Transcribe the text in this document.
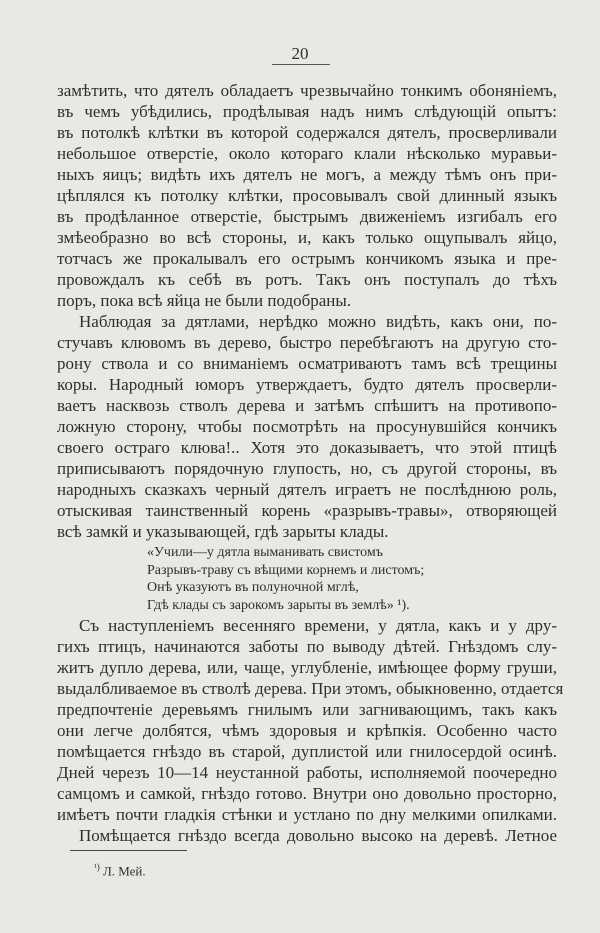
20
замѣтить, что дятелъ обладаетъ чрезвычайно тонкимъ обоняніемъ,
въ чемъ убѣдились, продѣлывая надъ нимъ слѣдующій опытъ:
въ потолкѣ клѣтки въ которой содержался дятелъ, просверливали
небольшое отверстіе, около котораго клали нѣсколько муравьи-
ныхъ яицъ; видѣть ихъ дятелъ не могъ, а между тѣмъ онъ при-
цѣплялся къ потолку клѣтки, просовывалъ свой длинный языкъ
въ продѣланное отверстіе, быстрымъ движеніемъ изгибалъ его
змѣеобразно во всѣ стороны, и, какъ только ощупывалъ яйцо,
тотчасъ же прокалывалъ его острымъ кончикомъ языка и пре-
провождалъ къ себѣ въ ротъ. Такъ онъ поступалъ до тѣхъ
поръ, пока всѣ яйца не были подобраны.
Наблюдая за дятлами, нерѣдко можно видѣть, какъ они, по-
стучавъ клювомъ въ дерево, быстро перебѣгаютъ на другую сто-
рону ствола и со вниманіемъ осматриваютъ тамъ всѣ трещины
коры. Народный юморъ утверждаетъ, будто дятелъ просверли-
ваетъ насквозь стволъ дерева и затѣмъ спѣшитъ на противопо-
ложную сторону, чтобы посмотрѣть на просунувшійся кончикъ
своего остраго клюва!.. Хотя это доказываетъ, что этой птицѣ
приписываютъ порядочную глупость, но, съ другой стороны, въ
народныхъ сказкахъ черный дятелъ играетъ не послѣднюю роль,
отыскивая таинственный корень «разрывъ-травы», отворяющей
всѣ замкй и указывающей, гдѣ зарыты клады.
«Учили—у дятла выманивать свистомъ
Разрывъ-траву съ вѣщими корнемъ и листомъ;
Онѣ указуютъ въ полуночной мглѣ,
Гдѣ клады съ зарокомъ зарыты въ землѣ» ¹).
Съ наступленіемъ весенняго времени, у дятла, какъ и у дру-
гихъ птицъ, начинаются заботы по выводу дѣтей. Гнѣздомъ слу-
житъ дупло дерева, или, чаще, углубленіе, имѣющее форму груши,
выдалбливаемое въ стволѣ дерева. При этомъ, обыкновенно, отдается
предпочтеніе деревьямъ гнилымъ или загнивающимъ, такъ какъ
они легче долбятся, чѣмъ здоровыя и крѣпкія. Особенно часто
помѣщается гнѣздо въ старой, дуплистой или гнилосердой осинѣ.
Дней черезъ 10—14 неустанной работы, исполняемой поочередно
самцомъ и самкой, гнѣздо готово. Внутри оно довольно просторно,
имѣетъ почти гладкія стѣнки и устлано по дну мелкими опилками.
Помѣщается гнѣздо всегда довольно высоко на деревѣ. Летное
$^{^1)}$ Л. Мей.
